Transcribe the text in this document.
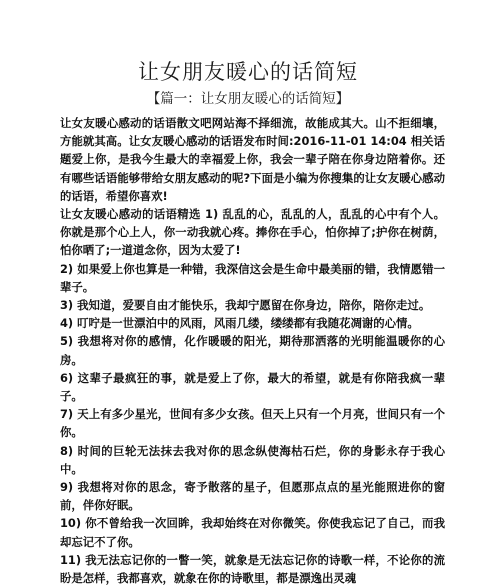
让女朋友暖心的话简短
【篇一：让女朋友暖心的话简短】

让女友暖心感动的话语散文吧网站海不择细流，故能成其大。山不拒细壤，方能就其高。让女友暖心感动的话语发布时间:2016-11-01 14:04 相关话题爱上你，是我今生最大的幸福爱上你，我会一辈子陪在你身边陪着你。还有哪些话语能够带给女朋友感动的呢?下面是小编为你搜集的让女友暖心感动的话语，希望你喜欢!

让女友暖心感动的话语精选 1) 乱乱的心，乱乱的人，乱乱的心中有个人。你就是那个心上人，你一动我就心疼。捧你在手心，怕你掉了;护你在树荫，怕你晒了;一道道念你，因为太爱了!

2) 如果爱上你也算是一种错，我深信这会是生命中最美丽的错，我情愿错一辈子。

3) 我知道，爱要自由才能快乐，我却宁愿留在你身边，陪你，陪你走过。

4) 叮咛是一世漂泊中的风雨，风雨几缕，缕缕都有我随花凋谢的心情。

5) 我想将对你的感情，化作暖暖的阳光，期待那洒落的光明能温暖你的心房。

6) 这辈子最疯狂的事，就是爱上了你，最大的希望，就是有你陪我疯一辈子。

7) 天上有多少星光，世间有多少女孩。但天上只有一个月亮，世间只有一个你。

8) 时间的巨轮无法抹去我对你的思念纵使海枯石烂，你的身影永存于我心中。

9) 我想将对你的思念，寄予散落的星子，但愿那点点的星光能照进你的窗前，伴你好眠。

10) 你不曾给我一次回眸，我却始终在对你微笑。你使我忘记了自己，而我却忘记不了你。

11) 我无法忘记你的一瞥一笑，就象是无法忘记你的诗歌一样，不论你的流盼是怎样，我都喜欢，就象在你的诗歌里，都是漂逸出灵魂
